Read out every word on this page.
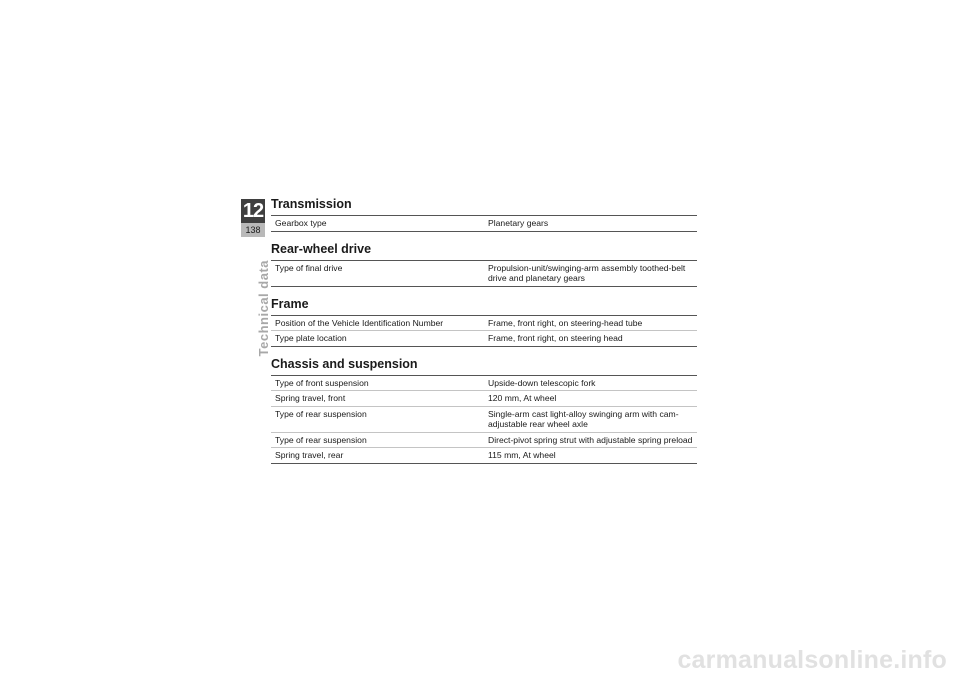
12
138
Technical data
Transmission
Gearbox type	Planetary gears
Rear-wheel drive
Type of final drive	Propulsion-unit/swinging-arm assembly toothed-belt drive and planetary gears
Frame
Position of the Vehicle Identification Number	Frame, front right, on steering-head tube
Type plate location	Frame, front right, on steering head
Chassis and suspension
Type of front suspension	Upside-down telescopic fork
Spring travel, front	120 mm, At wheel
Type of rear suspension	Single-arm cast light-alloy swinging arm with cam-adjustable rear wheel axle
Type of rear suspension	Direct-pivot spring strut with adjustable spring preload
Spring travel, rear	115 mm, At wheel
carmanualsonline.info
